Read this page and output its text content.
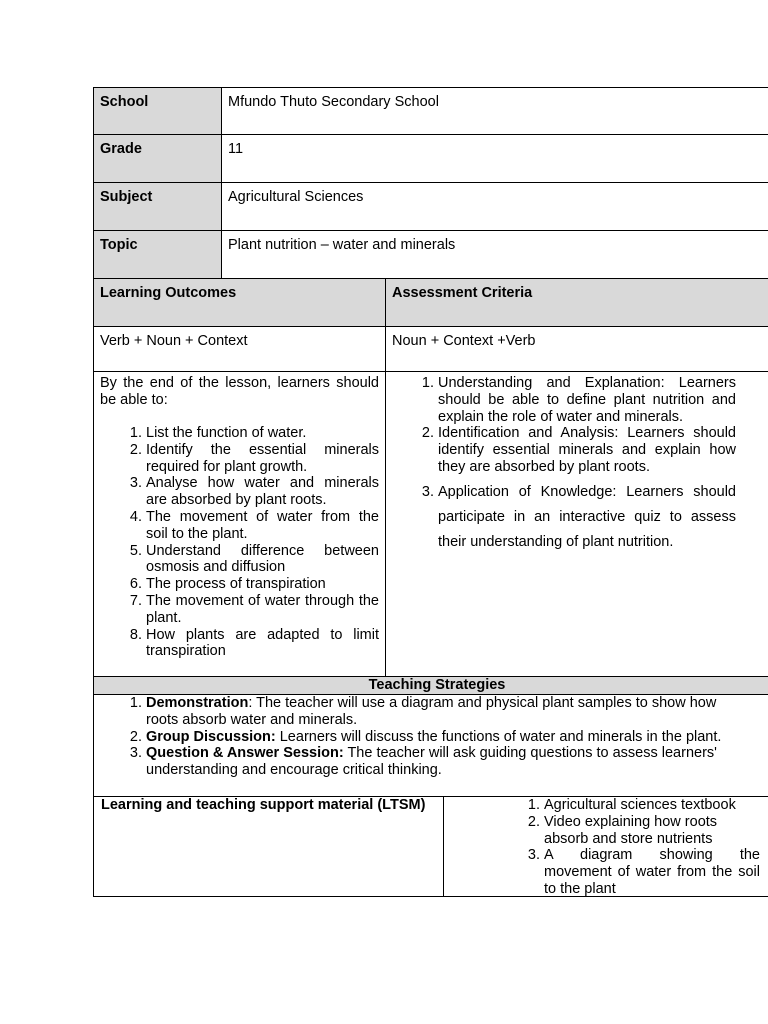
School	Mfundo Thuto Secondary School
Grade	11
Subject	Agricultural Sciences
Topic	Plant nutrition – water and minerals
Learning Outcomes	Assessment Criteria
Verb + Noun + Context	Noun + Context +Verb
By the end of the lesson, learners should be able to:
1. List the function of water.
2. Identify the essential minerals required for plant growth.
3. Analyse how water and minerals are absorbed by plant roots.
4. The movement of water from the soil to the plant.
5. Understand difference between osmosis and diffusion
6. The process of transpiration
7. The movement of water through the plant.
8. How plants are adapted to limit transpiration
1. Understanding and Explanation: Learners should be able to define plant nutrition and explain the role of water and minerals.
2. Identification and Analysis: Learners should identify essential minerals and explain how they are absorbed by plant roots.
3. Application of Knowledge: Learners should participate in an interactive quiz to assess their understanding of plant nutrition.
Teaching Strategies
1. Demonstration: The teacher will use a diagram and physical plant samples to show how roots absorb water and minerals.
2. Group Discussion: Learners will discuss the functions of water and minerals in the plant.
3. Question & Answer Session: The teacher will ask guiding questions to assess learners' understanding and encourage critical thinking.
Learning and teaching support material (LTSM)
1.	Agricultural sciences textbook
2. Video explaining how roots absorb and store nutrients
3. A diagram showing the movement of water from the soil to the plant
